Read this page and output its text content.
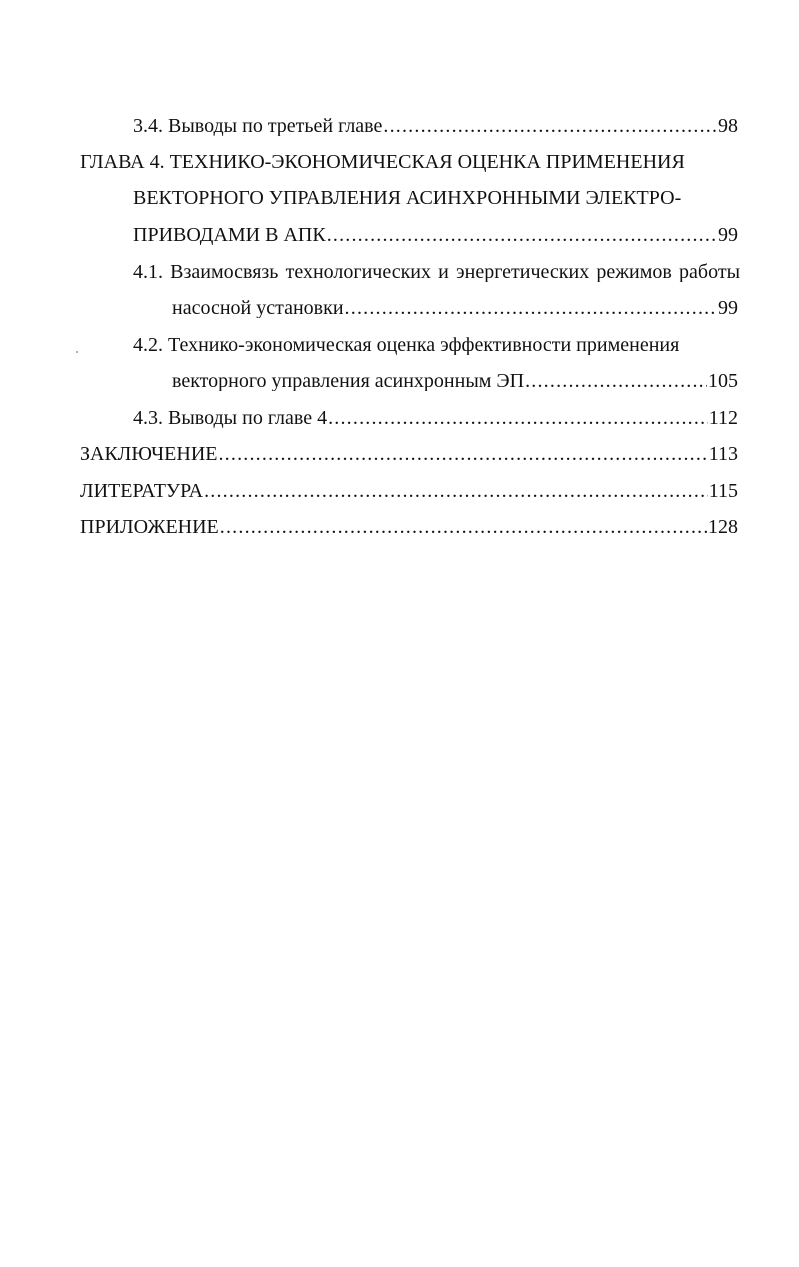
3.4. Выводы по третьей главе .....	98
ГЛАВА 4. ТЕХНИКО-ЭКОНОМИЧЕСКАЯ ОЦЕНКА ПРИМЕНЕНИЯ
ВЕКТОРНОГО УПРАВЛЕНИЯ АСИНХРОННЫМИ ЭЛЕКТРО-
ПРИВОДАМИ В АПК .....	99
4.1. Взаимосвязь технологических и энергетических режимов работы
насосной установки .....	99
4.2. Технико-экономическая оценка эффективности применения
векторного управления асинхронным ЭП .....	105
4.3. Выводы по главе 4 .....	112
ЗАКЛЮЧЕНИЕ .....	113
ЛИТЕРАТУРА .....	115
ПРИЛОЖЕНИЕ .....	128
